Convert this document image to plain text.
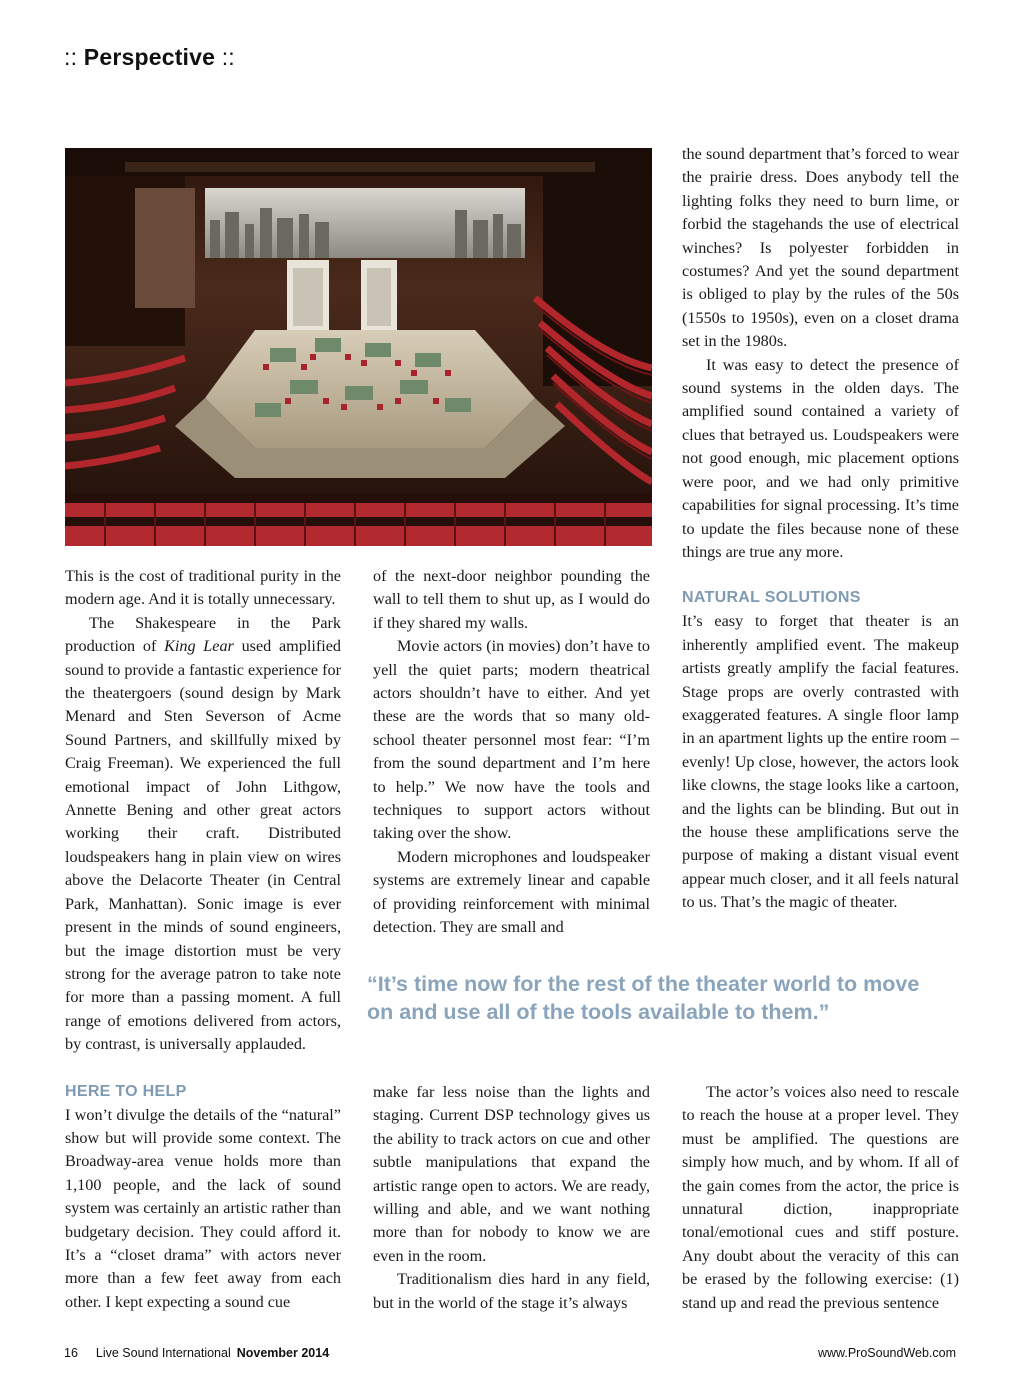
:: Perspective ::

This is the cost of traditional purity in the modern age. And it is totally unnecessary.

The Shakespeare in the Park production of King Lear used amplified sound to provide a fantastic experience for the theatergoers (sound design by Mark Menard and Sten Severson of Acme Sound Partners, and skillfully mixed by Craig Freeman). We experienced the full emotional impact of John Lithgow, Annette Bening and other great actors working their craft. Distributed loudspeakers hang in plain view on wires above the Delacorte Theater (in Central Park, Manhattan). Sonic image is ever present in the minds of sound engineers, but the image distortion must be very strong for the average patron to take note for more than a passing moment. A full range of emotions delivered from actors, by contrast, is universally applauded.

HERE TO HELP

I won’t divulge the details of the “natural” show but will provide some context. The Broadway-area venue holds more than 1,100 people, and the lack of sound system was certainly an artistic rather than budgetary decision. They could afford it. It’s a “closet drama” with actors never more than a few feet away from each other. I kept expecting a sound cue

of the next-door neighbor pounding the wall to tell them to shut up, as I would do if they shared my walls.

Movie actors (in movies) don’t have to yell the quiet parts; modern theatrical actors shouldn’t have to either. And yet these are the words that so many old-school theater personnel most fear: “I’m from the sound department and I’m here to help.” We now have the tools and techniques to support actors without taking over the show.

Modern microphones and loudspeaker systems are extremely linear and capable of providing reinforcement with minimal detection. They are small and

make far less noise than the lights and staging. Current DSP technology gives us the ability to track actors on cue and other subtle manipulations that expand the artistic range open to actors. We are ready, willing and able, and we want nothing more than for nobody to know we are even in the room.

Traditionalism dies hard in any field, but in the world of the stage it’s always

the sound department that’s forced to wear the prairie dress. Does anybody tell the lighting folks they need to burn lime, or forbid the stagehands the use of electrical winches? Is polyester forbidden in costumes? And yet the sound department is obliged to play by the rules of the 50s (1550s to 1950s), even on a closet drama set in the 1980s.

It was easy to detect the presence of sound systems in the olden days. The amplified sound contained a variety of clues that betrayed us. Loudspeakers were not good enough, mic placement options were poor, and we had only primitive capabilities for signal processing. It’s time to update the files because none of these things are true any more.

NATURAL SOLUTIONS

It’s easy to forget that theater is an inherently amplified event. The makeup artists greatly amplify the facial features. Stage props are overly contrasted with exaggerated features. A single floor lamp in an apartment lights up the entire room – evenly! Up close, however, the actors look like clowns, the stage looks like a cartoon, and the lights can be blinding. But out in the house these amplifications serve the purpose of making a distant visual event appear much closer, and it all feels natural to us. That’s the magic of theater.

The actor’s voices also need to rescale to reach the house at a proper level. They must be amplified. The questions are simply how much, and by whom. If all of the gain comes from the actor, the price is unnatural diction, inappropriate tonal/emotional cues and stiff posture. Any doubt about the veracity of this can be erased by the following exercise: (1) stand up and read the previous sentence

“It’s time now for the rest of the theater world to move on and use all of the tools available to them.”
16 Live Sound International November 2014	www.ProSoundWeb.com
